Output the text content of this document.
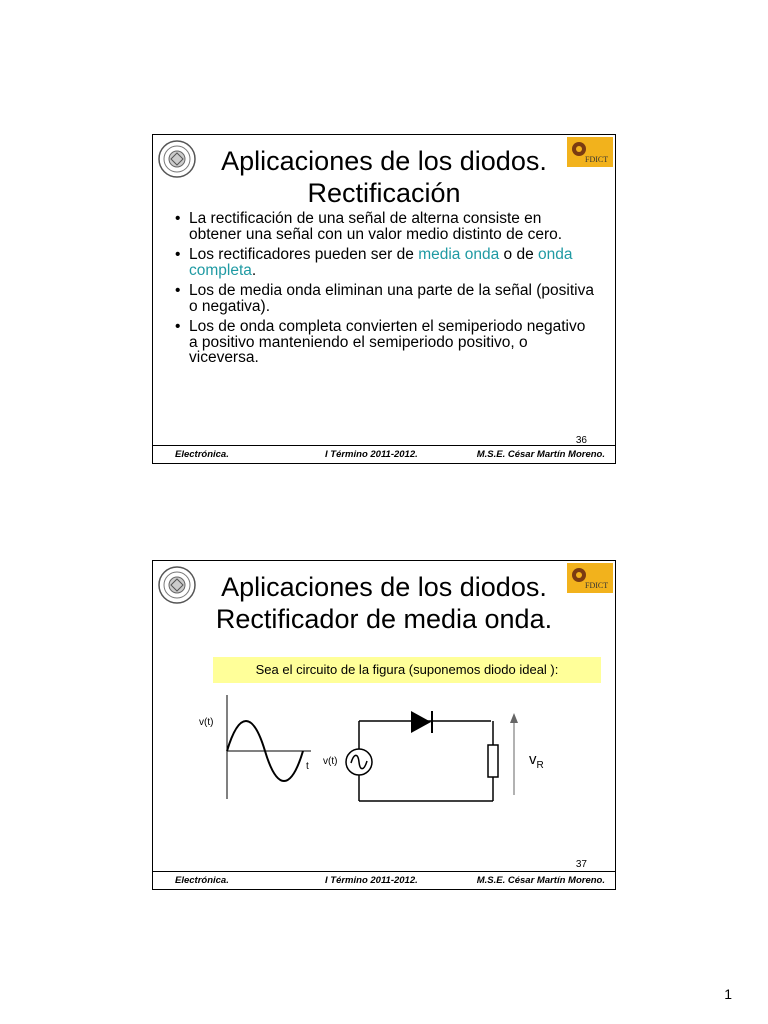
FDICT
Aplicaciones de los diodos.
Rectificación
• La rectificación de una señal de alterna consiste en obtener una señal con un valor medio distinto de cero.
• Los rectificadores pueden ser de media onda o de onda completa.
• Los de media onda eliminan una parte de la señal (positiva o negativa).
• Los de onda completa convierten el semiperiodo negativo a positivo manteniendo el semiperiodo positivo, o viceversa.
36
Electrónica.	I Término 2011-2012.	M.S.E. César Martín Moreno.
FDICT
Aplicaciones de los diodos.
Rectificador de media onda.
Sea el circuito de la figura (suponemos diodo ideal ):
v(t)
t v(t)	$v_R$
37
Electrónica.	I Término 2011-2012.	M.S.E. César Martín Moreno.
1
